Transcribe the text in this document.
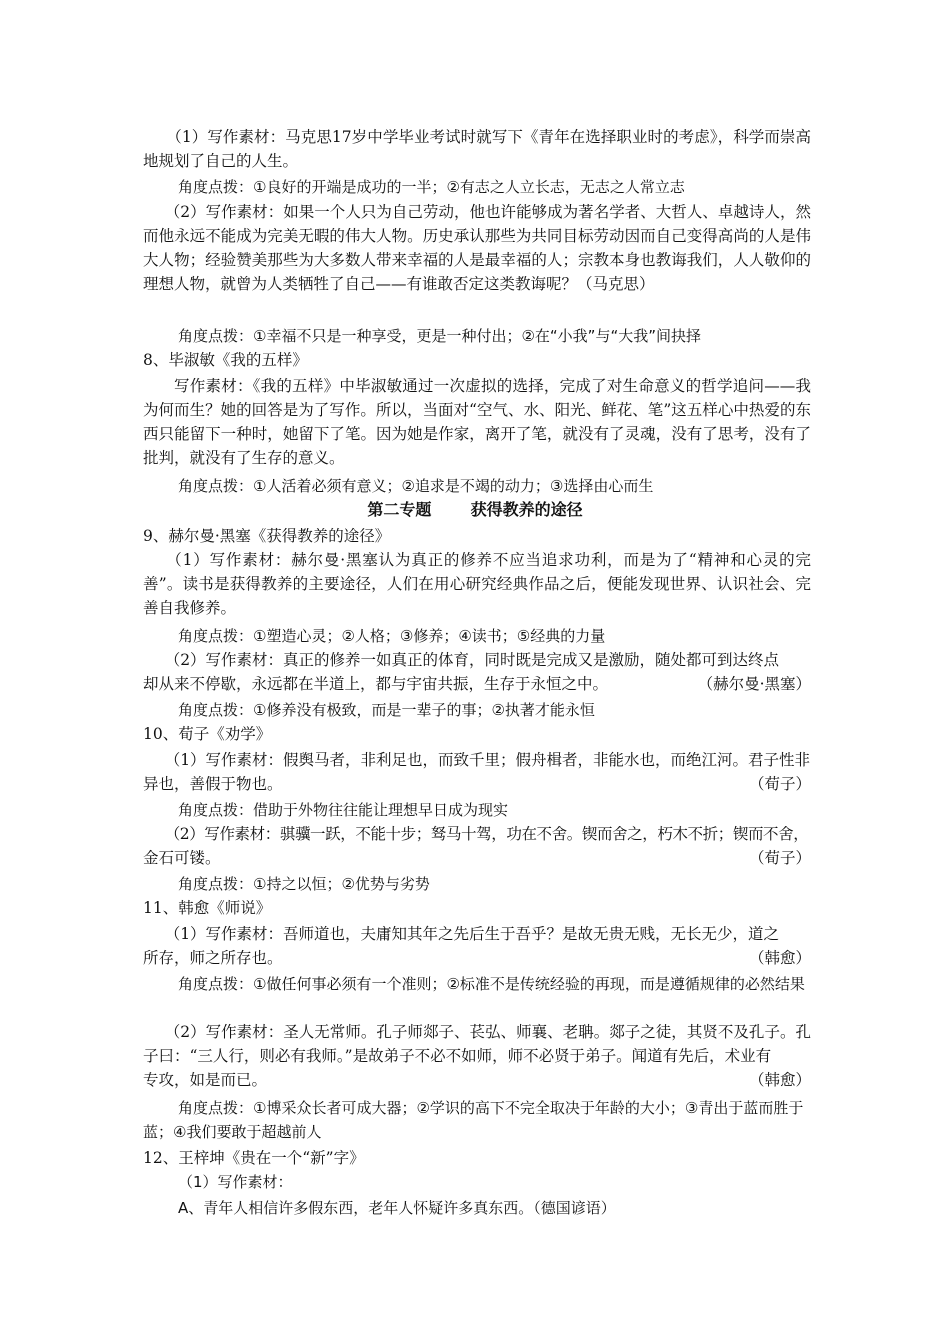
（1）写作素材：马克思17岁中学毕业考试时就写下《青年在选择职业时的考虑》，科学而崇高地规划了自己的人生。

角度点拨：①良好的开端是成功的一半；②有志之人立长志，无志之人常立志

（2）写作素材：如果一个人只为自己劳动，他也许能够成为著名学者、大哲人、卓越诗人，然而他永远不能成为完美无暇的伟大人物。历史承认那些为共同目标劳动因而自己变得高尚的人是伟大人物；经验赞美那些为大多数人带来幸福的人是最幸福的人；宗教本身也教诲我们，人人敬仰的理想人物，就曾为人类牺牲了自己——有谁敢否定这类教诲呢？（马克思）

角度点拨：①幸福不只是一种享受，更是一种付出；②在“小我”与“大我”间抉择

8、毕淑敏《我的五样》

写作素材：《我的五样》中毕淑敏通过一次虚拟的选择，完成了对生命意义的哲学追问——我为何而生？她的回答是为了写作。所以，当面对“空气、水、阳光、鲜花、笔”这五样心中热爱的东西只能留下一种时，她留下了笔。因为她是作家，离开了笔，就没有了灵魂，没有了思考，没有了批判，就没有了生存的意义。

角度点拨：①人活着必须有意义；②追求是不竭的动力；③选择由心而生

第二专题 获得教养的途径

9、赫尔曼·黑塞《获得教养的途径》

（1）写作素材：赫尔曼·黑塞认为真正的修养不应当追求功利，而是为了“精神和心灵的完善”。读书是获得教养的主要途径，人们在用心研究经典作品之后，便能发现世界、认识社会、完善自我修养。

角度点拨：①塑造心灵；②人格；③修养；④读书；⑤经典的力量

（2）写作素材：真正的修养一如真正的体育，同时既是完成又是激励，随处都可到达终点
却从来不停歇，永远都在半道上，都与宇宙共振，生存于永恒之中。	（赫尔曼·黑塞）

角度点拨：①修养没有极致，而是一辈子的事；②执著才能永恒

10、荀子《劝学》

（1）写作素材：假舆马者，非利足也，而致千里；假舟楫者，非能水也，而绝江河。君子性非
异也，善假于物也。	（荀子）

角度点拨：借助于外物往往能让理想早日成为现实

（2）写作素材：骐骥一跃，不能十步；驽马十驾，功在不舍。锲而舍之，朽木不折；锲而不舍，
金石可镂。	（荀子）

角度点拨：①持之以恒；②优势与劣势

11、韩愈《师说》

（1）写作素材：吾师道也，夫庸知其年之先后生于吾乎？是故无贵无贱，无长无少，道之
所存，师之所存也。	（韩愈）

角度点拨：①做任何事必须有一个准则；②标准不是传统经验的再现，而是遵循规律的必然结果

（2）写作素材：圣人无常师。孔子师郯子、苌弘、师襄、老聃。郯子之徒，其贤不及孔子。孔子曰：“三人行，则必有我师。”是故弟子不必不如师，师不必贤于弟子。闻道有先后，术业有
专攻，如是而已。	（韩愈）

角度点拨：①博采众长者可成大器；②学识的高下不完全取决于年龄的大小；③青出于蓝而胜于蓝；④我们要敢于超越前人

12、王梓坤《贵在一个“新”字》

（1）写作素材：

A、青年人相信许多假东西，老年人怀疑许多真东西。（德国谚语）
